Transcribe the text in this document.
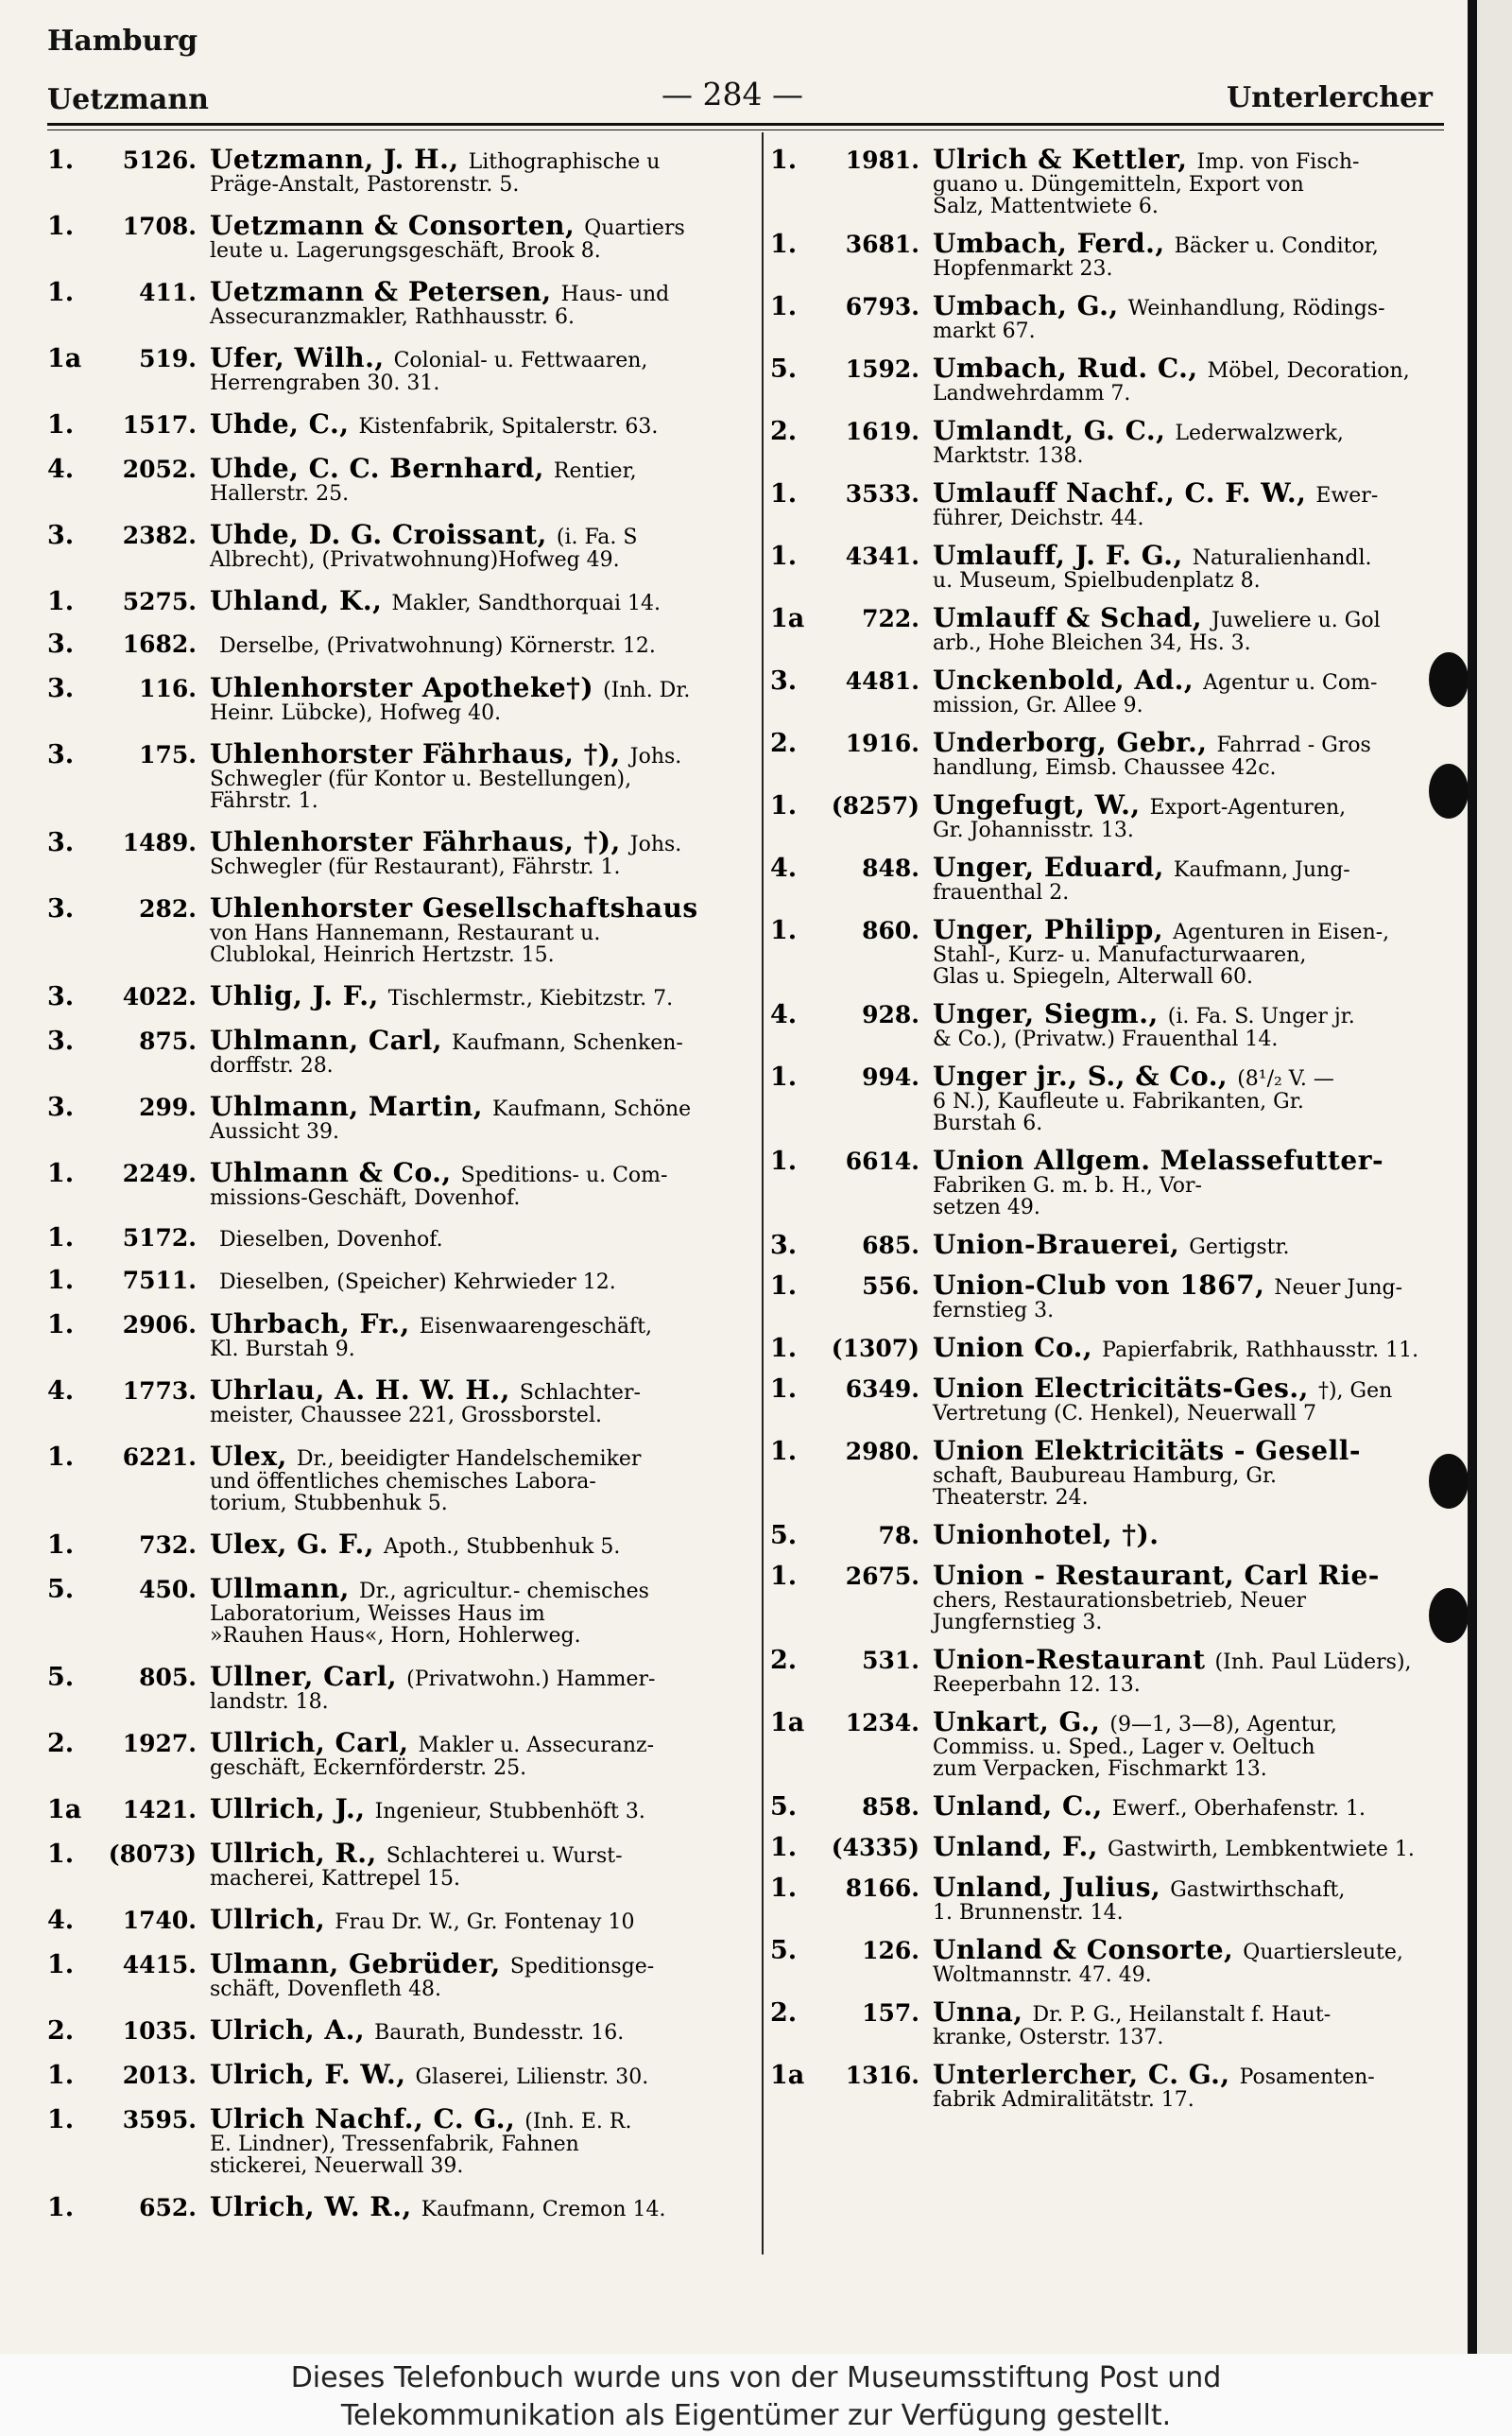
Hamburg
Uetzmann	— 284 —	Unterlercher
1.	5126. Uetzmann, J. H., Lithographische u
Präge-Anstalt, Pastorenstr. 5.
1.	1708. Uetzmann & Consorten, Quartiers
leute u. Lagerungsgeschäft, Brook 8.
1.	411. Uetzmann & Petersen, Haus- und
Assecuranzmakler, Rathhausstr. 6.
1a	519. Ufer, Wilh., Colonial- u. Fettwaaren,
Herrengraben 30. 31.
1.	1517. Uhde, C., Kistenfabrik, Spitalerstr. 63.
4.	2052. Uhde, C. C. Bernhard, Rentier,
Hallerstr. 25.
3.	2382. Uhde, D. G. Croissant, (i. Fa. S
Albrecht), (Privatwohnung)Hofweg 49.
1.	5275. Uhland, K., Makler, Sandthorquai 14.
3.	1682.	Derselbe, (Privatwohnung) Körnerstr. 12.
3.	116. Uhlenhorster Apotheke†) (Inh. Dr.
Heinr. Lübcke), Hofweg 40.
3.	175. Uhlenhorster Fährhaus, †), Johs.
Schwegler (für Kontor u. Bestellungen),
Fährstr. 1.
3.	1489. Uhlenhorster Fährhaus, †), Johs.
Schwegler (für Restaurant), Fährstr. 1.
3.	282. Uhlenhorster Gesellschaftshaus
von Hans Hannemann, Restaurant u.
Clublokal, Heinrich Hertzstr. 15.
3.	4022. Uhlig, J. F., Tischlermstr., Kiebitzstr. 7.
3.	875. Uhlmann, Carl, Kaufmann, Schenken-
dorffstr. 28.
3.	299. Uhlmann, Martin, Kaufmann, Schöne
Aussicht 39.
1.	2249. Uhlmann & Co., Speditions- u. Com-
missions-Geschäft, Dovenhof.
1.	5172.	Dieselben, Dovenhof.
1.	7511.	Dieselben, (Speicher) Kehrwieder 12.
1.	2906. Uhrbach, Fr., Eisenwaarengeschäft,
Kl. Burstah 9.
4.	1773. Uhrlau, A. H. W. H., Schlachter-
meister, Chaussee 221, Grossborstel.
1.	6221. Ulex, Dr., beeidigter Handelschemiker
und öffentliches chemisches Labora-
torium, Stubbenhuk 5.
1.	732. Ulex, G. F., Apoth., Stubbenhuk 5.
5.	450. Ullmann, Dr., agricultur.- chemisches
Laboratorium, Weisses Haus im
»Rauhen Haus«, Horn, Hohlerweg.
5.	805. Ullner, Carl, (Privatwohn.) Hammer-
landstr. 18.
2.	1927. Ullrich, Carl, Makler u. Assecuranz-
geschäft, Eckernförderstr. 25.
1a	1421. Ullrich, J., Ingenieur, Stubbenhöft 3.
1.	(8073) Ullrich, R., Schlachterei u. Wurst-
macherei, Kattrepel 15.
4.	1740. Ullrich, Frau Dr. W., Gr. Fontenay 10
1.	4415. Ulmann, Gebrüder, Speditionsge-
schäft, Dovenfleth 48.
2.	1035. Ulrich, A., Baurath, Bundesstr. 16.
1.	2013. Ulrich, F. W., Glaserei, Lilienstr. 30.
1.	3595. Ulrich Nachf., C. G., (Inh. E. R.
E. Lindner), Tressenfabrik, Fahnen
stickerei, Neuerwall 39.
1.	652. Ulrich, W. R., Kaufmann, Cremon 14.
1.	1981. Ulrich & Kettler, Imp. von Fisch-
guano u. Düngemitteln, Export von
Salz, Mattentwiete 6.
1.	3681. Umbach, Ferd., Bäcker u. Conditor,
Hopfenmarkt 23.
1.	6793. Umbach, G., Weinhandlung, Rödings-
markt 67.
5.	1592. Umbach, Rud. C., Möbel, Decoration,
Landwehrdamm 7.
2.	1619. Umlandt, G. C., Lederwalzwerk,
Marktstr. 138.
1.	3533. Umlauff Nachf., C. F. W., Ewer-
führer, Deichstr. 44.
1.	4341. Umlauff, J. F. G., Naturalienhandl.
u. Museum, Spielbudenplatz 8.
1a	722. Umlauff & Schad, Juweliere u. Gol
arb., Hohe Bleichen 34, Hs. 3.
3.	4481. Unckenbold, Ad., Agentur u. Com-
mission, Gr. Allee 9.
2.	1916. Underborg, Gebr., Fahrrad - Gros
handlung, Eimsb. Chaussee 42c.
1.	(8257) Ungefugt, W., Export-Agenturen,
Gr. Johannisstr. 13.
4.	848. Unger, Eduard, Kaufmann, Jung-
frauenthal 2.
1.	860. Unger, Philipp, Agenturen in Eisen-,
Stahl-, Kurz- u. Manufacturwaaren,
Glas u. Spiegeln, Alterwall 60.
4.	928. Unger, Siegm., (i. Fa. S. Unger jr.
& Co.), (Privatw.) Frauenthal 14.
1.	994. Unger jr., S., & Co., (8¹/₂ V. —
6 N.), Kaufleute u. Fabrikanten, Gr.
Burstah 6.
1.	6614. Union Allgem. Melassefutter-
Fabriken G. m. b. H., Vor-
setzen 49.
3.	685. Union-Brauerei, Gertigstr.
1.	556. Union-Club von 1867, Neuer Jung-
fernstieg 3.
1.	(1307) Union Co., Papierfabrik, Rathhausstr. 11.
1.	6349. Union Electricitäts-Ges., †), Gen
Vertretung (C. Henkel), Neuerwall 7
1.	2980. Union Elektricitäts - Gesell-
schaft, Baubureau Hamburg, Gr.
Theaterstr. 24.
5.	78. Unionhotel, †).
1.	2675. Union - Restaurant, Carl Rie-
chers, Restaurationsbetrieb, Neuer
Jungfernstieg 3.
2.	531. Union-Restaurant (Inh. Paul Lüders),
Reeperbahn 12. 13.
1a	1234. Unkart, G., (9—1, 3—8), Agentur,
Commiss. u. Sped., Lager v. Oeltuch
zum Verpacken, Fischmarkt 13.
5.	858. Unland, C., Ewerf., Oberhafenstr. 1.
1.	(4335) Unland, F., Gastwirth, Lembkentwiete 1.
1.	8166. Unland, Julius, Gastwirthschaft,
1. Brunnenstr. 14.
5.	126. Unland & Consorte, Quartiersleute,
Woltmannstr. 47. 49.
2.	157. Unna, Dr. P. G., Heilanstalt f. Haut-
kranke, Osterstr. 137.
1a	1316. Unterlercher, C. G., Posamenten-
fabrik Admiralitätstr. 17.
Dieses Telefonbuch wurde uns von der Museumsstiftung Post und
Telekommunikation als Eigentümer zur Verfügung gestellt.
